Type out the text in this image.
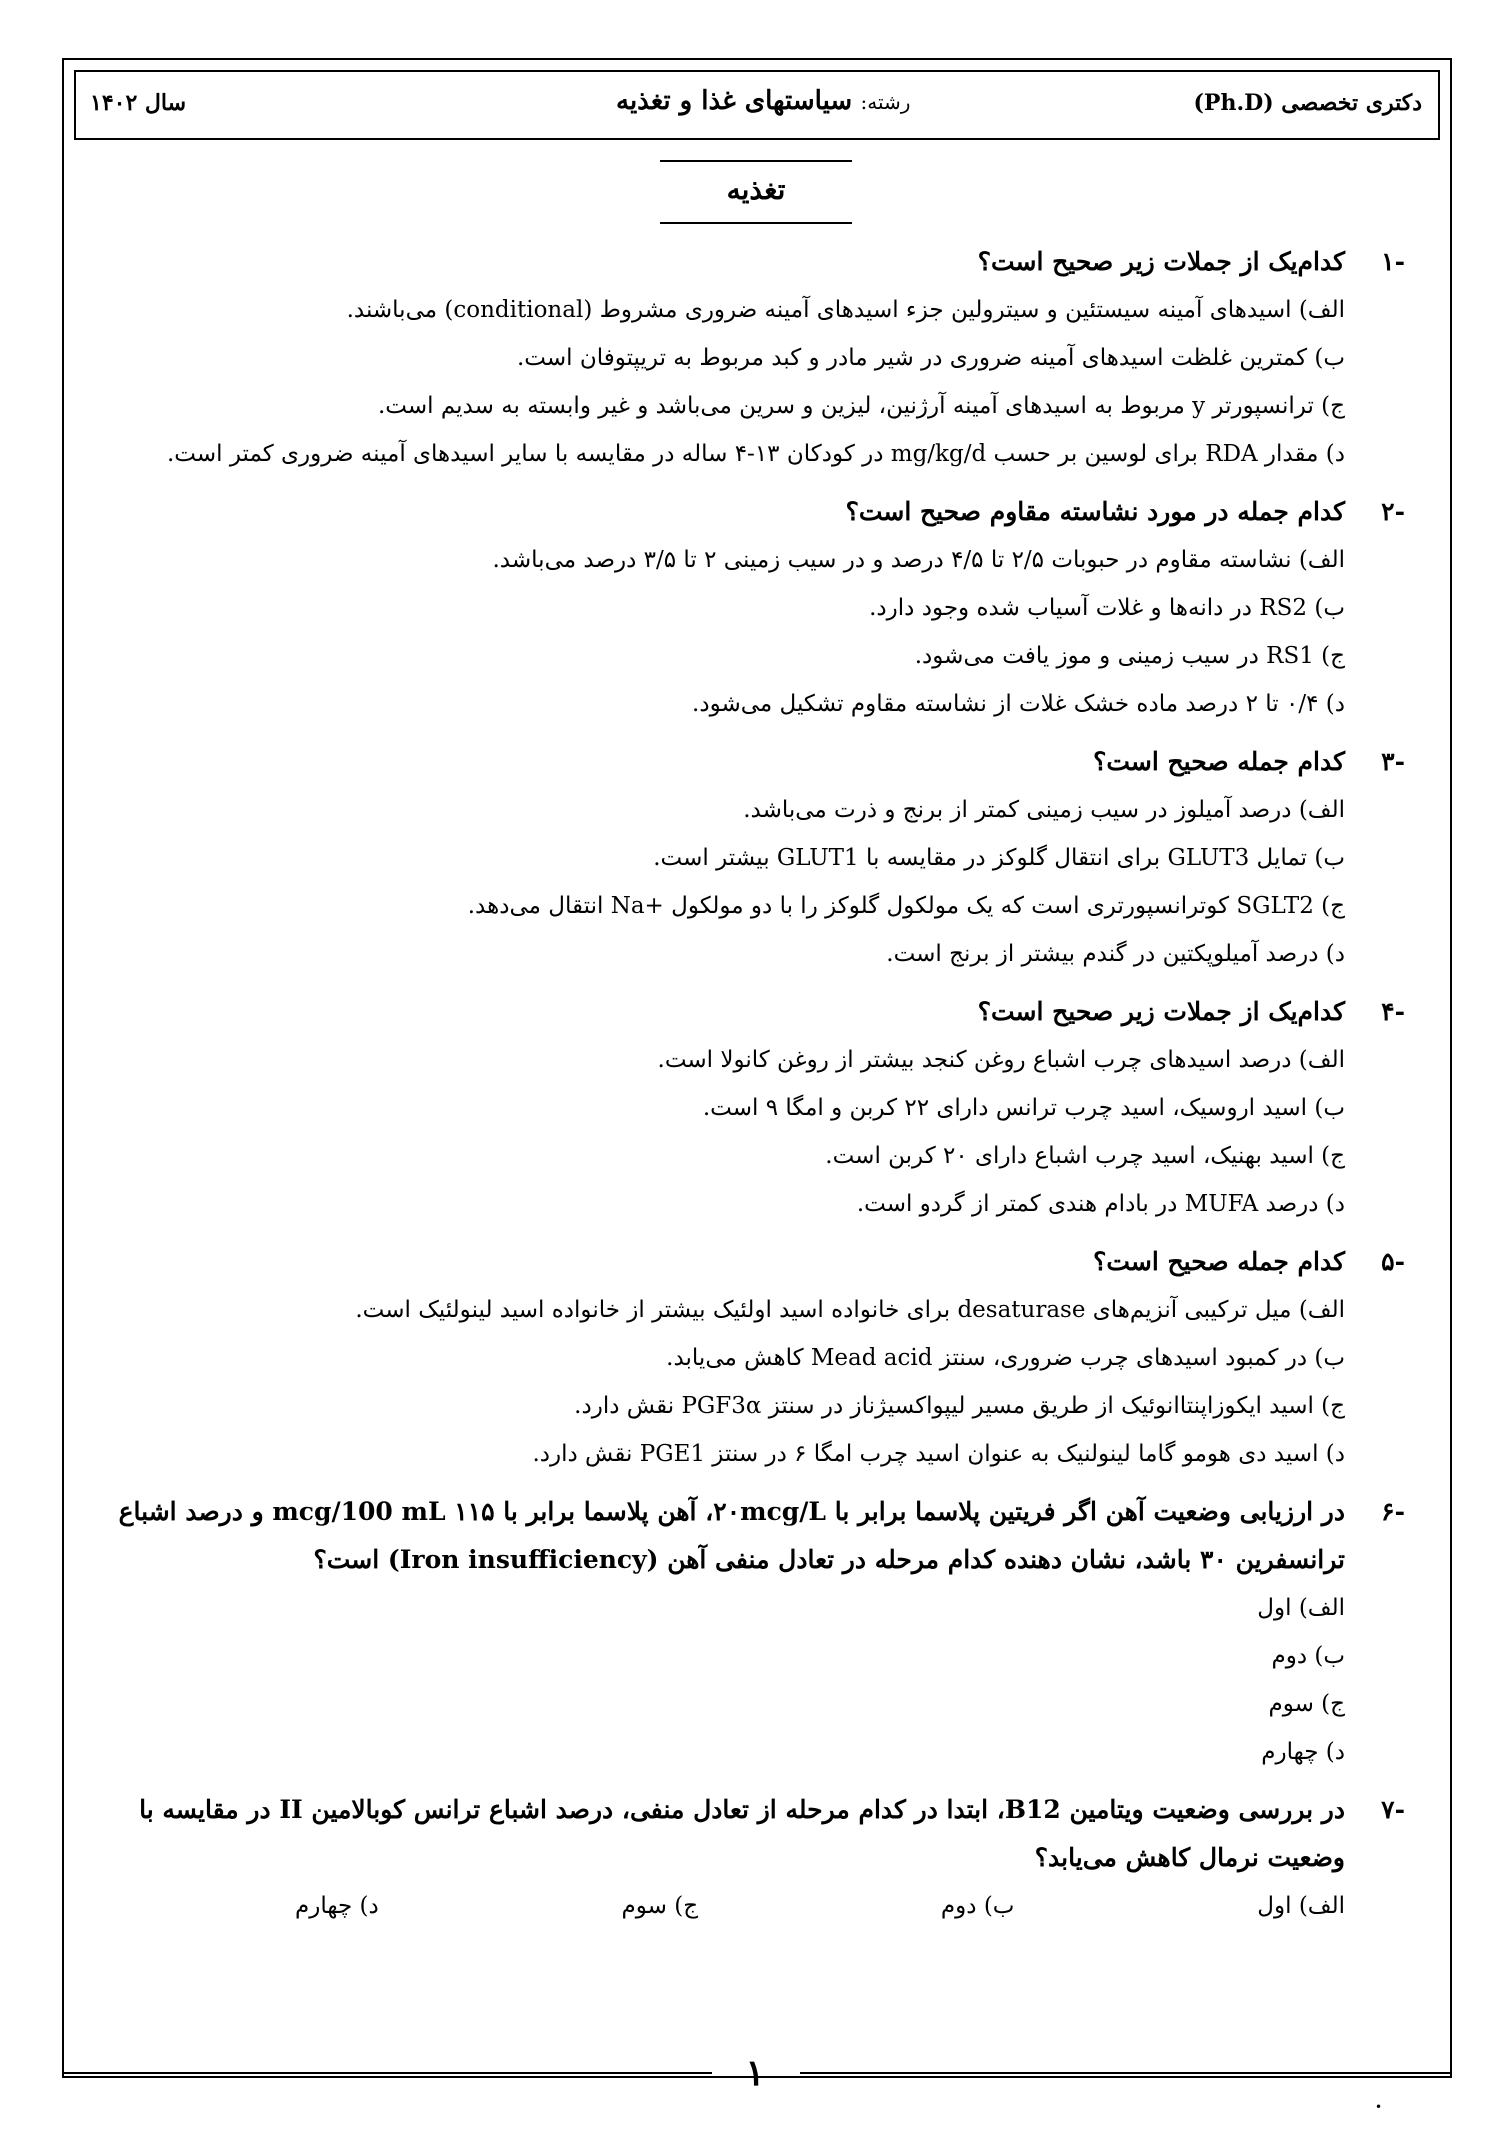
سال ۱۴۰۲	رشته: سیاستهای غذا و تغذیه	دکتری تخصصی (Ph.D)
تغذیه
-۱
کدام‌یک از جملات زیر صحیح است؟
الف) اسیدهای آمینه سیستئین و سیترولین جزء اسیدهای آمینه ضروری مشروط (conditional) می‌باشند.
ب) کمترین غلظت اسیدهای آمینه ضروری در شیر مادر و کبد مربوط به تریپتوفان است.
ج) ترانسپورتر y مربوط به اسیدهای آمینه آرژنین، لیزین و سرین می‌باشد و غیر وابسته به سدیم است.
د) مقدار RDA برای لوسین بر حسب mg/kg/d در کودکان ۱۳-۴ ساله در مقایسه با سایر اسیدهای آمینه ضروری کمتر است.
-۲
کدام جمله در مورد نشاسته مقاوم صحیح است؟
الف) نشاسته مقاوم در حبوبات ۲/۵ تا ۴/۵ درصد و در سیب زمینی ۲ تا ۳/۵ درصد می‌باشد.
ب) RS2 در دانه‌ها و غلات آسیاب شده وجود دارد.
ج) RS1 در سیب زمینی و موز یافت می‌شود.
د) ۰/۴ تا ۲ درصد ماده خشک غلات از نشاسته مقاوم تشکیل می‌شود.
-۳
کدام جمله صحیح است؟
الف) درصد آمیلوز در سیب زمینی کمتر از برنج و ذرت می‌باشد.
ب) تمایل GLUT3 برای انتقال گلوکز در مقایسه با GLUT1 بیشتر است.
ج) SGLT2 کوترانسپورتری است که یک مولکول گلوکز را با دو مولکول +Na انتقال می‌دهد.
د) درصد آمیلوپکتین در گندم بیشتر از برنج است.
-۴
کدام‌یک از جملات زیر صحیح است؟
الف) درصد اسیدهای چرب اشباع روغن کنجد بیشتر از روغن کانولا است.
ب) اسید اروسیک، اسید چرب ترانس دارای ۲۲ کربن و امگا ۹ است.
ج) اسید بهنیک، اسید چرب اشباع دارای ۲۰ کربن است.
د) درصد MUFA در بادام هندی کمتر از گردو است.
-۵
کدام جمله صحیح است؟
الف) میل ترکیبی آنزیم‌های desaturase برای خانواده اسید اولئیک بیشتر از خانواده اسید لینولئیک است.
ب) در کمبود اسیدهای چرب ضروری، سنتز Mead acid کاهش می‌یابد.
ج) اسید ایکوزاپنتاانوئیک از طریق مسیر لیپواکسیژناز در سنتز PGF3α نقش دارد.
د) اسید دی هومو گاما لینولنیک به عنوان اسید چرب امگا ۶ در سنتز PGE1 نقش دارد.
-۶
در ارزیابی وضعیت آهن اگر فریتین پلاسما برابر با ۲۰mcg/L، آهن پلاسما برابر با ۱۱۵ mcg/100 mL و درصد اشباع ترانسفرین ۳۰ باشد، نشان دهنده کدام مرحله در تعادل منفی آهن (Iron insufficiency) است؟
الف) اول
ب) دوم
ج) سوم
د) چهارم
-۷
در بررسی وضعیت ویتامین B12، ابتدا در کدام مرحله از تعادل منفی، درصد اشباع ترانس کوبالامین II در مقایسه با وضعیت نرمال کاهش می‌یابد؟
الف) اول
ب) دوم
ج) سوم
د) چهارم
۱
•
